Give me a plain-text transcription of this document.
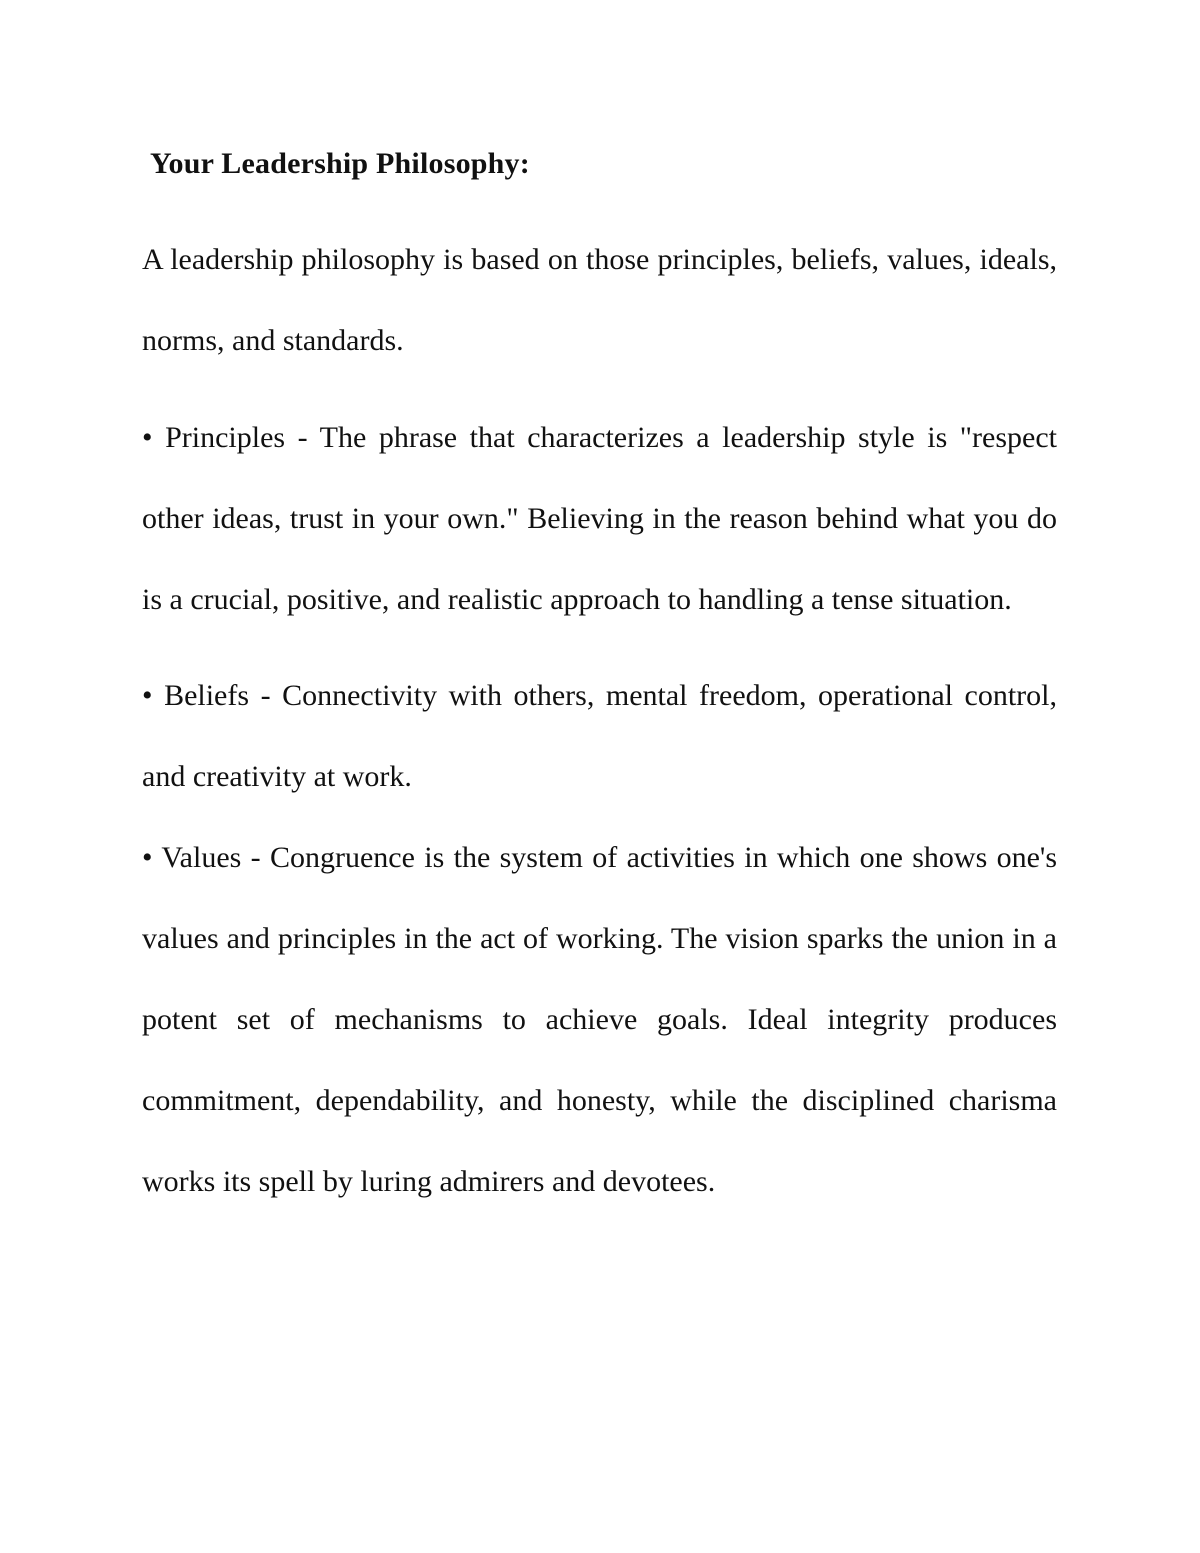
Your Leadership Philosophy:

A leadership philosophy is based on those principles, beliefs, values, ideals, norms, and standards.

• Principles - The phrase that characterizes a leadership style is "respect other ideas, trust in your own." Believing in the reason behind what you do is a crucial, positive, and realistic approach to handling a tense situation.

• Beliefs - Connectivity with others, mental freedom, operational control, and creativity at work.

• Values - Congruence is the system of activities in which one shows one's values and principles in the act of working. The vision sparks the union in a potent set of mechanisms to achieve goals. Ideal integrity produces commitment, dependability, and honesty, while the disciplined charisma works its spell by luring admirers and devotees.
